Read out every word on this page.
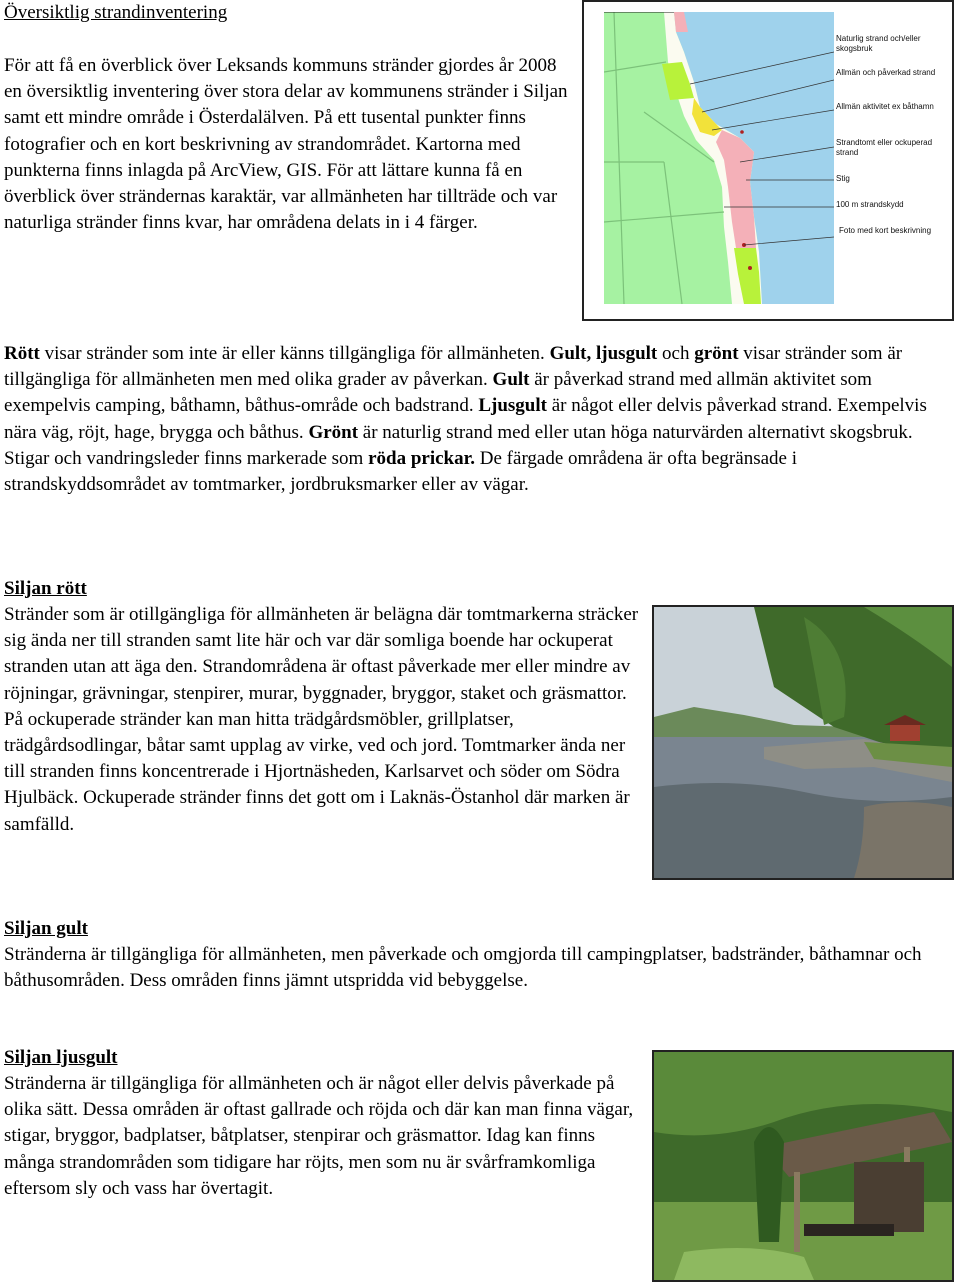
Översiktlig strandinventering

För att få en överblick över Leksands kommuns stränder gjordes år 2008 en översiktlig inventering över stora delar av kommunens stränder i Siljan samt ett mindre område i Österdalälven. På ett tusental punkter finns fotografier och en kort beskrivning av strandområdet. Kartorna med punkterna finns inlagda på ArcView, GIS. För att lättare kunna få en överblick över strändernas karaktär, var allmänheten har tillträde och var naturliga stränder finns kvar, har områdena delats in i 4 färger.

Naturlig strand och/eller skogsbruk
Allmän och påverkad strand
Allmän aktivitet ex båthamn
Strandtomt eller ockuperad strand
Stig
100 m strandskydd
Foto med kort beskrivning

Rött visar stränder som inte är eller känns tillgängliga för allmänheten. Gult, ljusgult och grönt visar stränder som är tillgängliga för allmänheten men med olika grader av påverkan. Gult är påverkad strand med allmän aktivitet som exempelvis camping, båthamn, båthus-område och badstrand. Ljusgult är något eller delvis påverkad strand. Exempelvis nära väg, röjt, hage, brygga och båthus. Grönt är naturlig strand med eller utan höga naturvärden alternativt skogsbruk. Stigar och vandringsleder finns markerade som röda prickar. De färgade områdena är ofta begränsade i strandskyddsområdet av tomtmarker, jordbruksmarker eller av vägar.

Siljan rött

Stränder som är otillgängliga för allmänheten är belägna där tomtmarkerna sträcker sig ända ner till stranden samt lite här och var där somliga boende har ockuperat stranden utan att äga den. Strandområdena är oftast påverkade mer eller mindre av röjningar, grävningar, stenpirer, murar, byggnader, bryggor, staket och gräsmattor. På ockuperade stränder kan man hitta trädgårdsmöbler, grillplatser, trädgårdsodlingar, båtar samt upplag av virke, ved och jord. Tomtmarker ända ner till stranden finns koncentrerade i Hjortnäsheden, Karlsarvet och söder om Södra Hjulbäck. Ockuperade stränder finns det gott om i Laknäs-Östanhol där marken är samfälld.

Siljan gult

Stränderna är tillgängliga för allmänheten, men påverkade och omgjorda till campingplatser, badstränder, båthamnar och båthusområden. Dess områden finns jämnt utspridda vid bebyggelse.

Siljan ljusgult

Stränderna är tillgängliga för allmänheten och är något eller delvis påverkade på olika sätt. Dessa områden är oftast gallrade och röjda och där kan man finna vägar, stigar, bryggor, badplatser, båtplatser, stenpirar och gräsmattor. Idag kan finns många strandområden som tidigare har röjts, men som nu är svårframkomliga eftersom sly och vass har övertagit.
